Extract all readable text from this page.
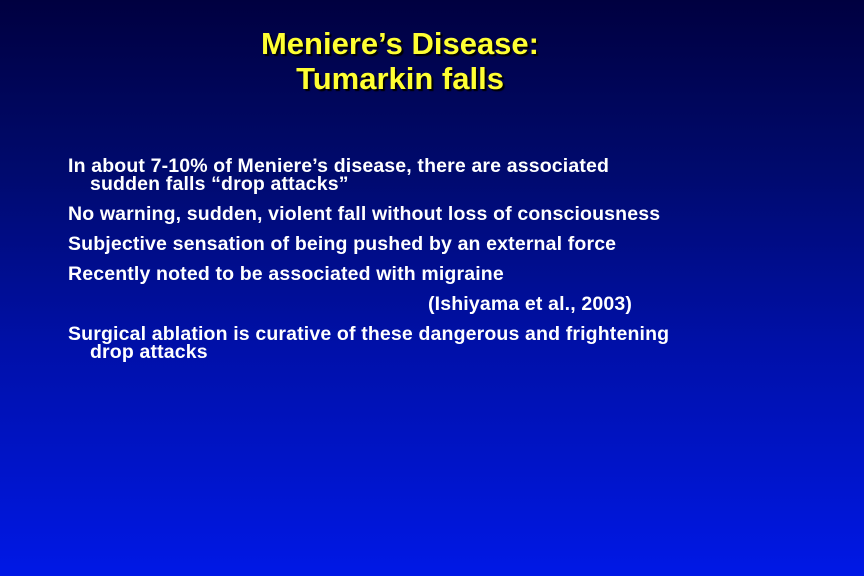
Meniere’s Disease:
Tumarkin falls
In about 7-10% of Meniere’s disease, there are associated
sudden falls “drop attacks”
No warning, sudden, violent fall without loss of consciousness
Subjective sensation of being pushed by an external force
Recently noted to be associated with migraine
(Ishiyama et al., 2003)
Surgical ablation is curative of these dangerous and frightening
drop attacks
